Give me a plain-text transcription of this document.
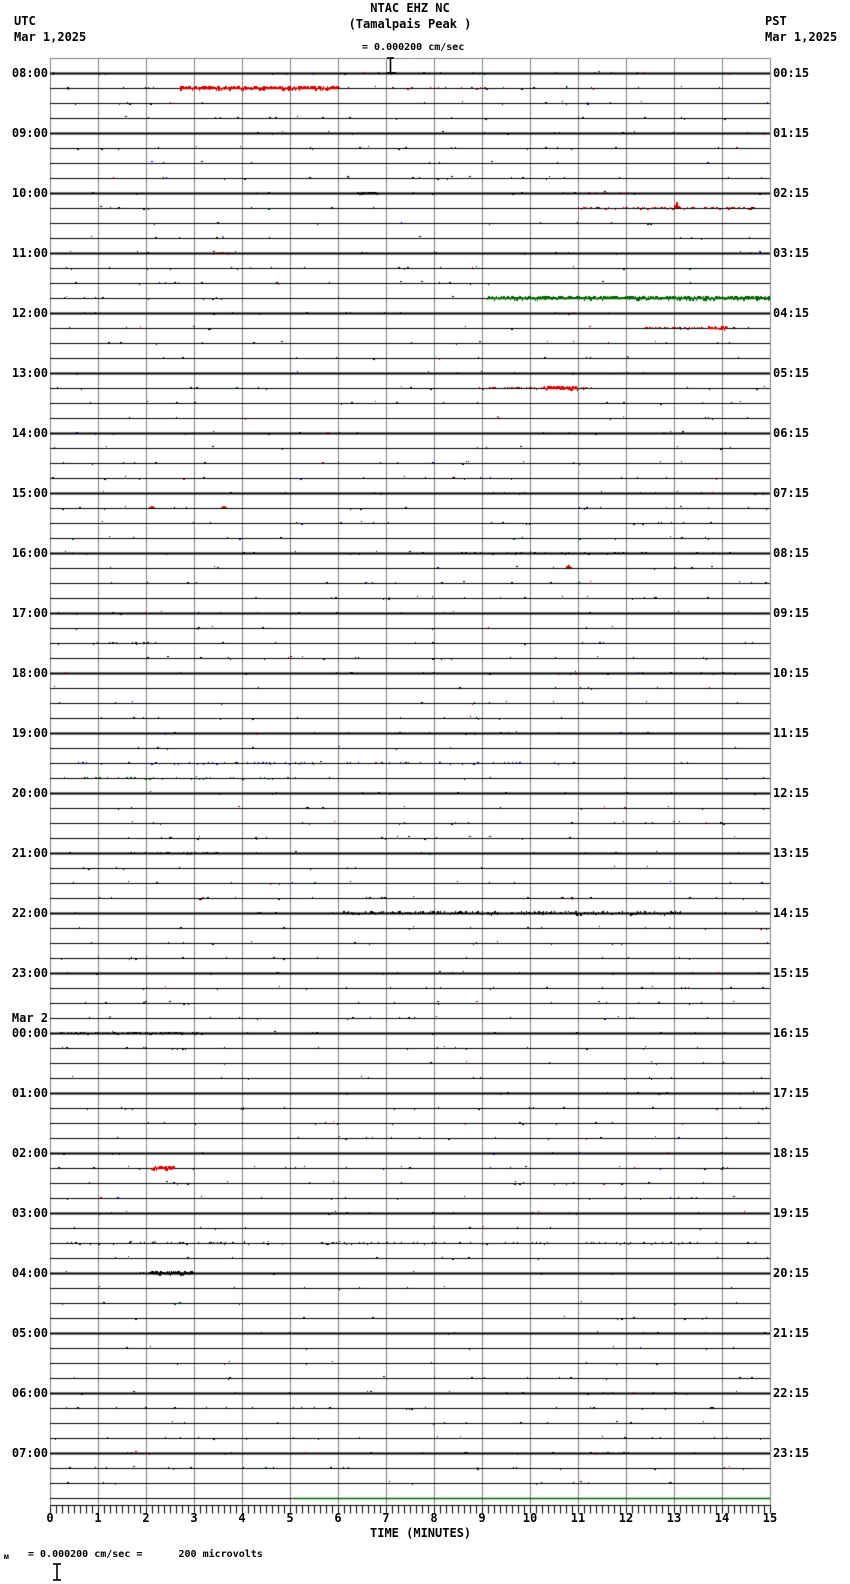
UTC
Mar 1,2025
PST
Mar 1,2025
NTAC EHZ NC
(Tamalpais Peak )

= 0.000200 cm/sec
08:00
09:00
10:00
11:00
12:00
13:00
14:00
15:00
16:00
17:00
18:00
19:00
20:00
21:00
22:00
23:00
00:00
Mar 2
01:00
02:00
03:00
04:00
05:00
06:00
07:00
00:15
01:15
02:15
03:15
04:15
05:15
06:15
07:15
08:15
09:15
10:15
11:15
12:15
13:15
14:15
15:15
16:15
17:15
18:15
19:15
20:15
21:15
22:15
23:15
0	1	2	3	4	5	6	7	8	9	10	11	12	13	14	15
TIME (MINUTES)
ᴍ

= 0.000200 cm/sec =      200 microvolts
